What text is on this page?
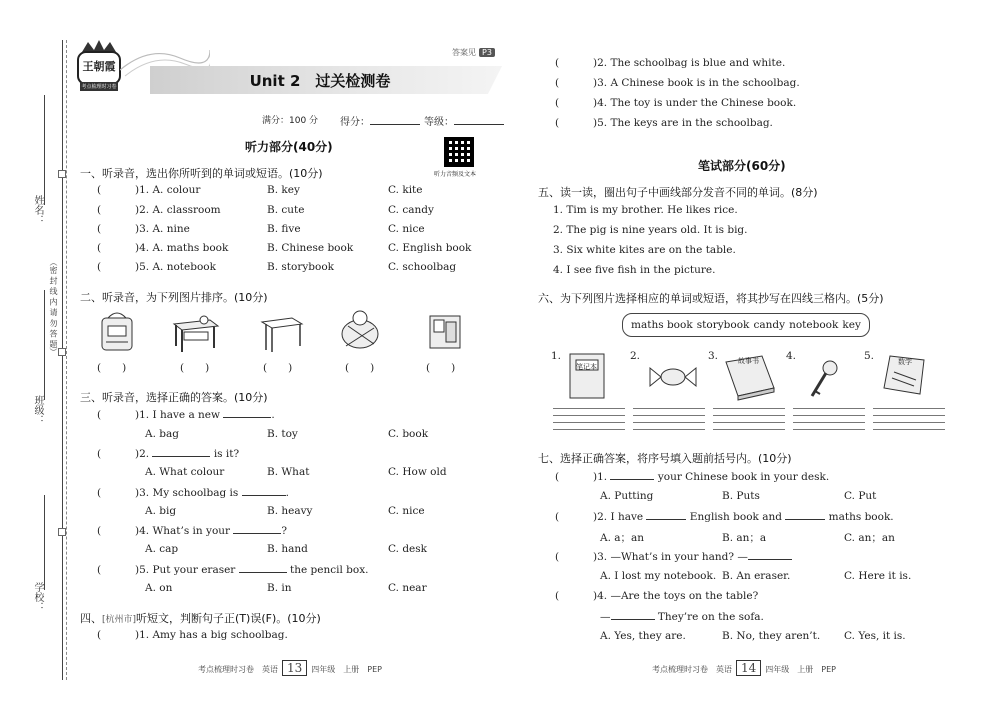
姓名：
（密 封 线 内 请 勿 答 题）
班级：
学校：
王朝霞
考点梳理时习卷
答案见 P3
Unit 2　过关检测卷
满分：100 分 得分：	等级：
听力音频及文本
听力部分(40分)
一、听录音，选出你所听到的单词或短语。(10分)
(	)1. A. colour	B. key	C. kite
(	)2. A. classroom	B. cute	C. candy
(	)3. A. nine	B. five	C. nice
(	)4. A. maths book	B. Chinese book	C. English book
(	)5. A. notebook	B. storybook	C. schoolbag
二、听录音，为下列图片排序。(10分)
(　　)	(　　)	(　　)	(　　)	(　　)
三、听录音，选择正确的答案。(10分)
(	)1. I have a new	.
A. bag	B. toy	C. book
(	)2.	is it?
A. What colour	B. What	C. How old
(	)3. My schoolbag is	.
A. big	B. heavy	C. nice
(	)4. What’s in your	?
A. cap	B. hand	C. desk
(	)5. Put your eraser	the pencil box.
A. on	B. in	C. near
四、[杭州市]听短文，判断句子正(T)误(F)。(10分)
(	)1. Amy has a big schoolbag.
(	)2. The schoolbag is blue and white.
(	)3. A Chinese book is in the schoolbag.
(	)4. The toy is under the Chinese book.
(	)5. The keys are in the schoolbag.
笔试部分(60分)
五、读一读，圈出句子中画线部分发音不同的单词。(8分)
1. Tim is my brother. He likes rice.
2. The pig is nine years old. It is big.
3. Six white kites are on the table.
4. I see five fish in the picture.
六、为下列图片选择相应的单词或短语，将其抄写在四线三格内。(5分)
maths book storybook candy notebook key
1.	2.	3.	4.	5.
笔记本
故事书	数学
七、选择正确答案，将序号填入题前括号内。(10分)
(	)1.	your Chinese book in your desk.
A. Putting	B. Puts	C. Put
(	)2. I have	English book and	maths book.
A. a；an	B. an；a	C. an；an
(	)3. —What’s in your hand? —
A. I lost my notebook. B. An eraser.	C. Here it is.
(	)4. —Are the toys on the table?
—	They’re on the sofa.
A. Yes, they are.	B. No, they aren’t. C. Yes, it is.
考点梳理时习卷　英语 13 四年级　上册　PEP	考点梳理时习卷　英语 14 四年级　上册　PEP
